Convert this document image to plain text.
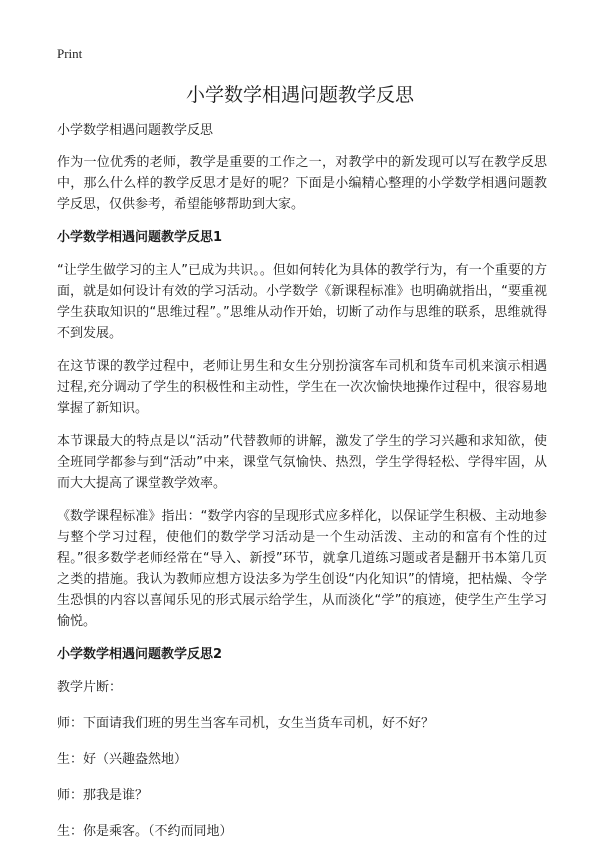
Print
小学数学相遇问题教学反思

小学数学相遇问题教学反思

作为一位优秀的老师，教学是重要的工作之一，对教学中的新发现可以写在教学反思中，那么什么样的教学反思才是好的呢？下面是小编精心整理的小学数学相遇问题教学反思，仅供参考，希望能够帮助到大家。

小学数学相遇问题教学反思1

“让学生做学习的主人”已成为共识。。但如何转化为具体的教学行为，有一个重要的方面，就是如何设计有效的学习活动。小学数学《新课程标准》也明确就指出，“要重视学生获取知识的“思维过程”。”思维从动作开始，切断了动作与思维的联系，思维就得不到发展。

在这节课的教学过程中，老师让男生和女生分别扮演客车司机和货车司机来演示相遇过程,充分调动了学生的积极性和主动性，学生在一次次愉快地操作过程中，很容易地掌握了新知识。

本节课最大的特点是以“活动”代替教师的讲解，激发了学生的学习兴趣和求知欲，使全班同学都参与到“活动”中来，课堂气氛愉快、热烈，学生学得轻松、学得牢固，从而大大提高了课堂教学效率。

《数学课程标准》指出：“数学内容的呈现形式应多样化，以保证学生积极、主动地参与整个学习过程，使他们的数学学习活动是一个生动活泼、主动的和富有个性的过程。”很多数学老师经常在“导入、新授”环节，就拿几道练习题或者是翻开书本第几页之类的措施。我认为教师应想方设法多为学生创设“内化知识”的情境，把枯燥、令学生恐惧的内容以喜闻乐见的形式展示给学生，从而淡化“学”的痕迹，使学生产生学习愉悦。

小学数学相遇问题教学反思2

教学片断：

师：下面请我们班的男生当客车司机，女生当货车司机，好不好？

生：好（兴趣盎然地）

师：那我是谁？

生：你是乘客。（不约而同地）
